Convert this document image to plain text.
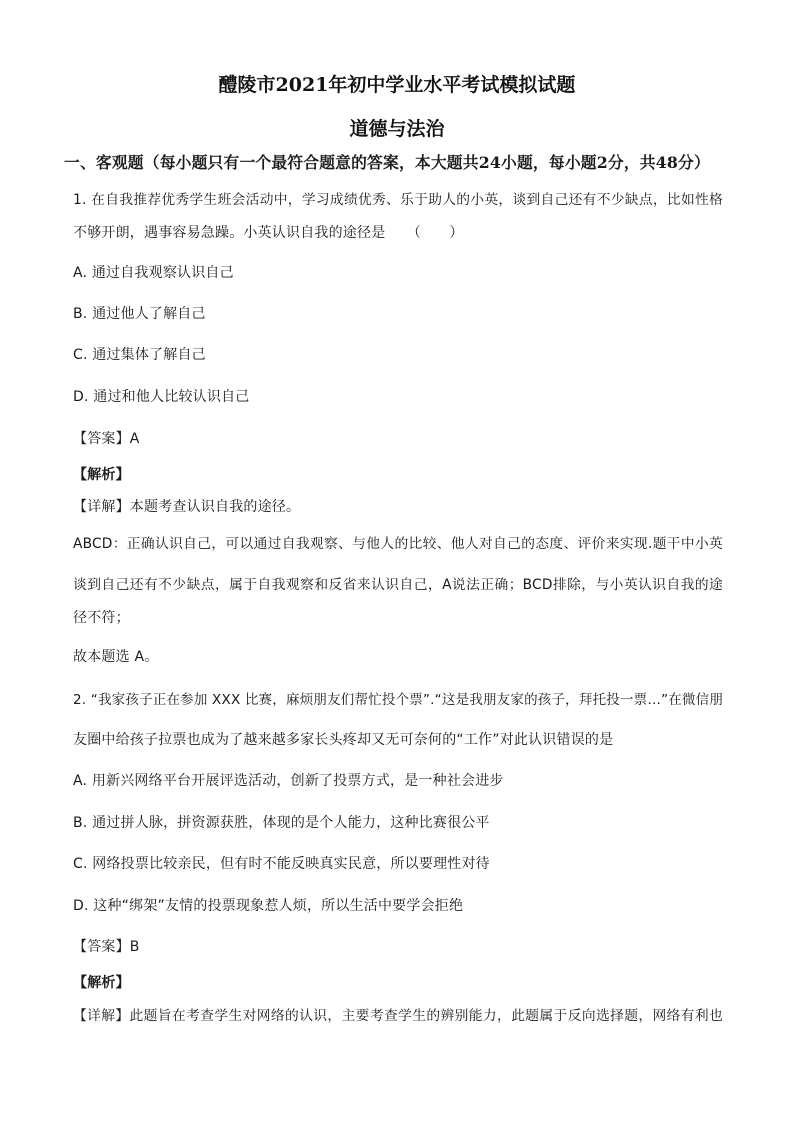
醴陵市2021年初中学业水平考试模拟试题
道德与法治
一、客观题（每小题只有一个最符合题意的答案，本大题共24小题，每小题2分，共48分）
1. 在自我推荐优秀学生班会活动中，学习成绩优秀、乐于助人的小英，谈到自己还有不少缺点，比如性格
不够开朗，遇事容易急躁。小英认识自我的途径是　　（　　）
A. 通过自我观察认识自己
B. 通过他人了解自己
C. 通过集体了解自己
D. 通过和他人比较认识自己
【答案】A
【解析】
【详解】本题考查认识自我的途径。
ABCD：正确认识自己，可以通过自我观察、与他人的比较、他人对自己的态度、评价来实现.题干中小英
谈到自己还有不少缺点，属于自我观察和反省来认识自己，A说法正确；BCD排除，与小英认识自我的途
径不符；
故本题选 A。
2. “我家孩子正在参加 XXX 比赛，麻烦朋友们帮忙投个票”.“这是我朋友家的孩子，拜托投一票…”在微信朋
友圈中给孩子拉票也成为了越来越多家长头疼却又无可奈何的“工作”对此认识错误的是
A. 用新兴网络平台开展评选活动，创新了投票方式，是一种社会进步
B. 通过拼人脉，拼资源获胜，体现的是个人能力，这种比赛很公平
C. 网络投票比较亲民，但有时不能反映真实民意，所以要理性对待
D. 这种“绑架”友情的投票现象惹人烦，所以生活中要学会拒绝
【答案】B
【解析】
【详解】此题旨在考查学生对网络的认识，主要考查学生的辨别能力，此题属于反向选择题，网络有利也
